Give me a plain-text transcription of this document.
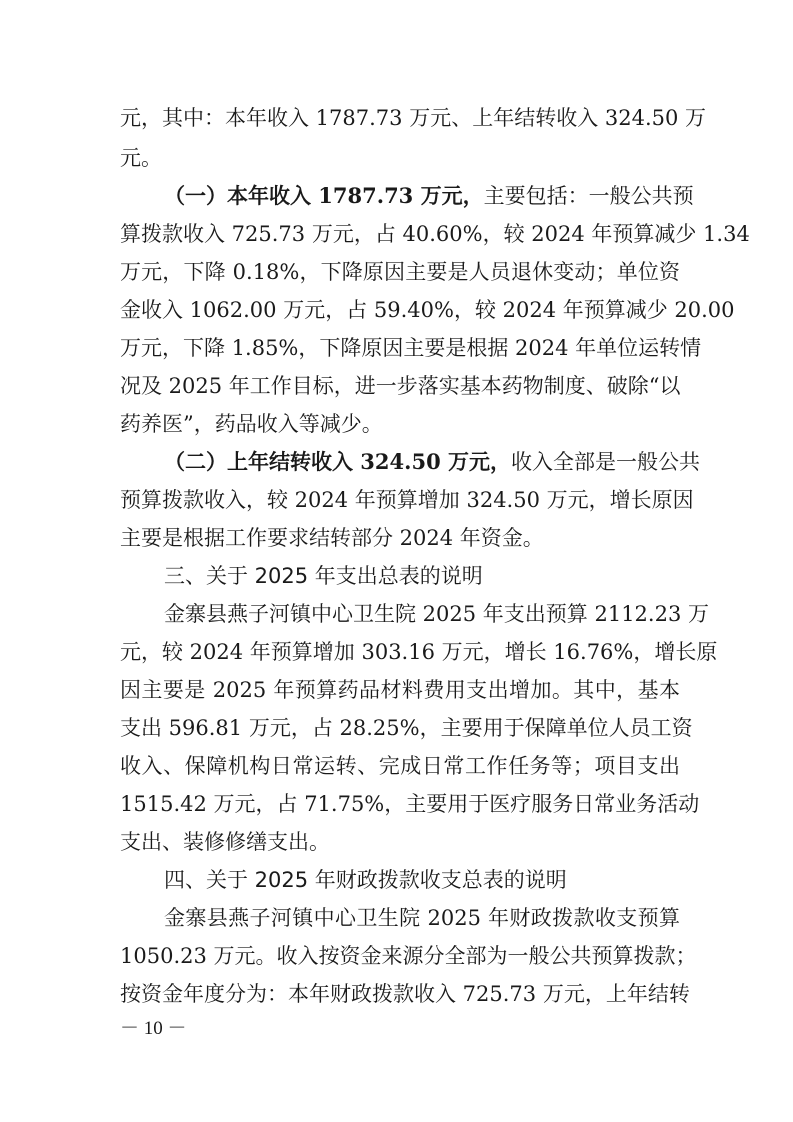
元，其中：本年收入 1787.73 万元、上年结转收入 324.50 万
元。
（一）本年收入 1787.73 万元，主要包括：一般公共预
算拨款收入 725.73 万元，占 40.60%，较 2024 年预算减少 1.34
万元，下降 0.18%，下降原因主要是人员退休变动；单位资
金收入 1062.00 万元，占 59.40%，较 2024 年预算减少 20.00
万元，下降 1.85%，下降原因主要是根据 2024 年单位运转情
况及 2025 年工作目标，进一步落实基本药物制度、破除“以
药养医”，药品收入等减少。
（二）上年结转收入 324.50 万元，收入全部是一般公共
预算拨款收入，较 2024 年预算增加 324.50 万元，增长原因
主要是根据工作要求结转部分 2024 年资金。
三、关于 2025 年支出总表的说明
金寨县燕子河镇中心卫生院 2025 年支出预算 2112.23 万
元，较 2024 年预算增加 303.16 万元，增长 16.76%，增长原
因主要是 2025 年预算药品材料费用支出增加。其中，基本
支出 596.81 万元，占 28.25%，主要用于保障单位人员工资
收入、保障机构日常运转、完成日常工作任务等；项目支出
1515.42 万元，占 71.75%，主要用于医疗服务日常业务活动
支出、装修修缮支出。
四、关于 2025 年财政拨款收支总表的说明
金寨县燕子河镇中心卫生院 2025 年财政拨款收支预算
1050.23 万元。收入按资金来源分全部为一般公共预算拨款；
按资金年度分为：本年财政拨款收入 725.73 万元，上年结转
－ 10 －
